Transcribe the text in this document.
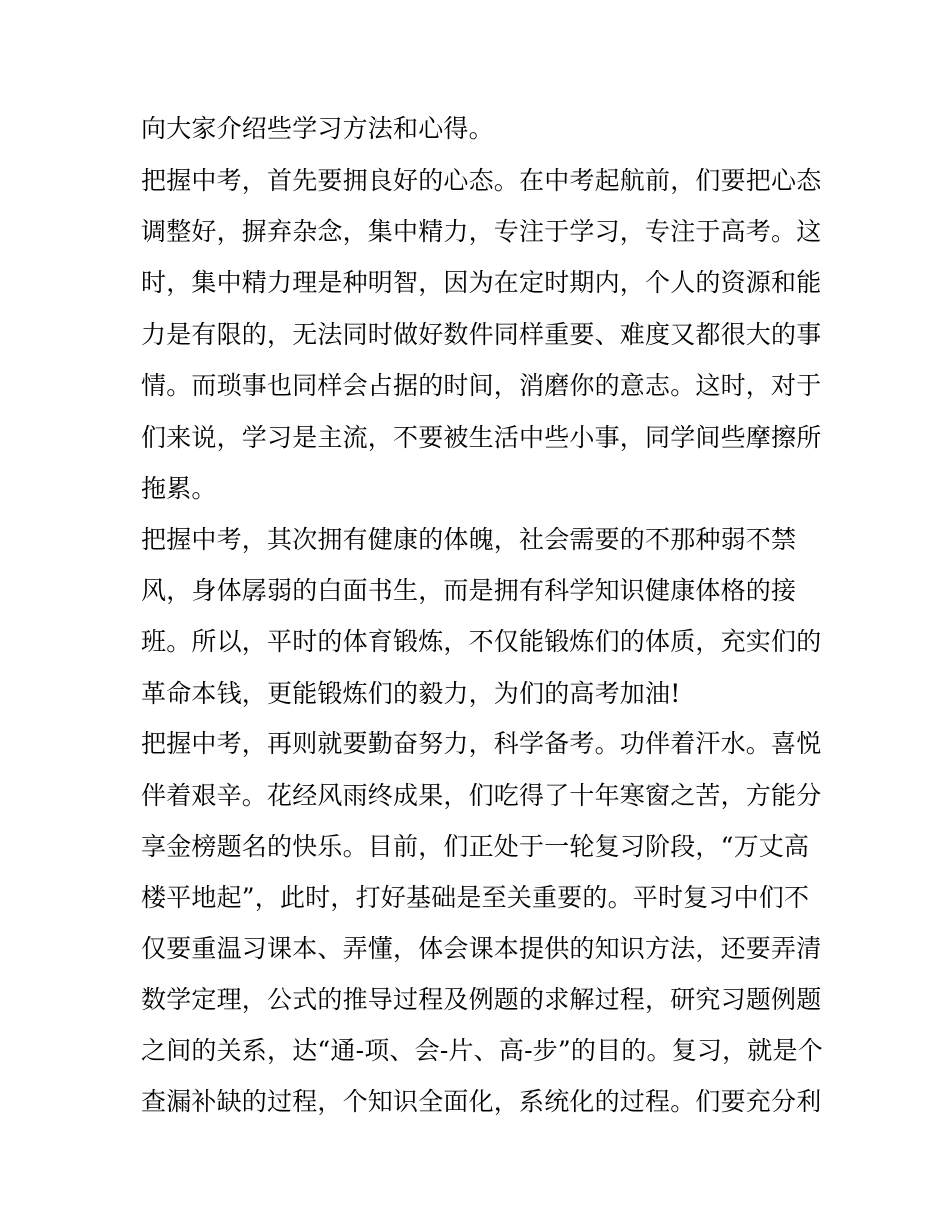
向大家介绍些学习方法和心得。
把握中考，首先要拥良好的心态。在中考起航前，们要把心态
调整好，摒弃杂念，集中精力，专注于学习，专注于高考。这
时，集中精力理是种明智，因为在定时期内，个人的资源和能
力是有限的，无法同时做好数件同样重要、难度又都很大的事
情。而琐事也同样会占据的时间，消磨你的意志。这时，对于
们来说，学习是主流，不要被生活中些小事，同学间些摩擦所
拖累。
把握中考，其次拥有健康的体魄，社会需要的不那种弱不禁
风，身体孱弱的白面书生，而是拥有科学知识健康体格的接
班。所以，平时的体育锻炼，不仅能锻炼们的体质，充实们的
革命本钱，更能锻炼们的毅力，为们的高考加油!
把握中考，再则就要勤奋努力，科学备考。功伴着汗水。喜悦
伴着艰辛。花经风雨终成果，们吃得了十年寒窗之苦，方能分
享金榜题名的快乐。目前，们正处于一轮复习阶段，“万丈高
楼平地起”，此时，打好基础是至关重要的。平时复习中们不
仅要重温习课本、弄懂，体会课本提供的知识方法，还要弄清
数学定理，公式的推导过程及例题的求解过程，研究习题例题
之间的关系，达“通-项、会-片、高-步”的目的。复习，就是个
查漏补缺的过程，个知识全面化，系统化的过程。们要充分利
